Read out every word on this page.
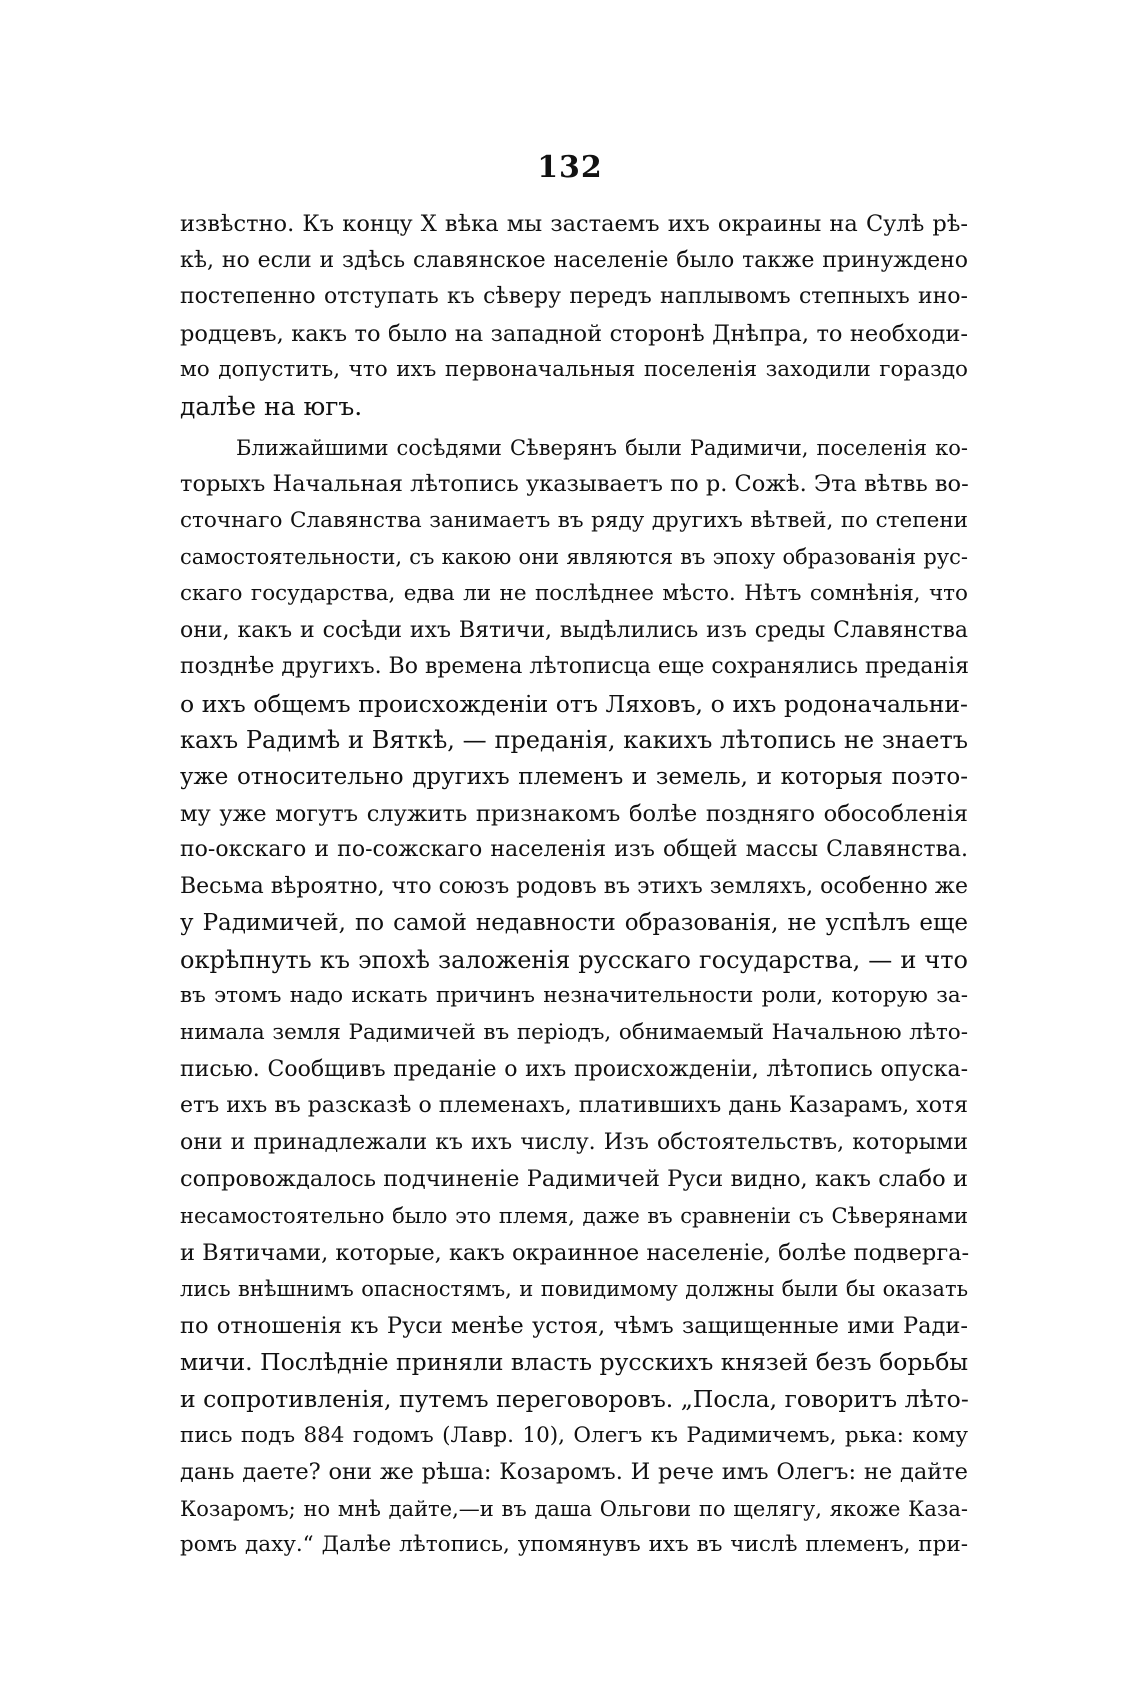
132
извѣстно. Къ концу X вѣка мы застаемъ ихъ окраины на Сулѣ рѣ-
кѣ, но если и здѣсь славянское населеніе было также принуждено
постепенно отступать къ сѣверу передъ наплывомъ степныхъ ино-
родцевъ, какъ то было на западной сторонѣ Днѣпра, то необходи-
мо допустить, что ихъ первоначальныя поселенія заходили гораздо
далѣе на югъ.
Ближайшими сосѣдями Сѣверянъ были Радимичи, поселенія ко-
торыхъ Начальная лѣтопись указываетъ по р. Сожѣ. Эта вѣтвь во-
сточнаго Славянства занимаетъ въ ряду другихъ вѣтвей, по степени
самостоятельности, съ какою они являются въ эпоху образованія рус-
скаго государства, едва ли не послѣднее мѣсто. Нѣтъ сомнѣнія, что
они, какъ и сосѣди ихъ Вятичи, выдѣлились изъ среды Славянства
позднѣе другихъ. Во времена лѣтописца еще сохранялись преданія
о ихъ общемъ происхожденіи отъ Ляховъ, о ихъ родоначальни-
кахъ Радимѣ и Вяткѣ, — преданія, какихъ лѣтопись не знаетъ
уже относительно другихъ племенъ и земель, и которыя поэто-
му уже могутъ служить признакомъ болѣе поздняго обособленія
по-окскаго и по-сожскаго населенія изъ общей массы Славянства.
Весьма вѣроятно, что союзъ родовъ въ этихъ земляхъ, особенно же
у Радимичей, по самой недавности образованія, не успѣлъ еще
окрѣпнуть къ эпохѣ заложенія русскаго государства, — и что
въ этомъ надо искать причинъ незначительности роли, которую за-
нимала земля Радимичей въ періодъ, обнимаемый Начальною лѣто-
писью. Сообщивъ преданіе о ихъ происхожденіи, лѣтопись опуска-
етъ ихъ въ разсказѣ о племенахъ, платившихъ дань Казарамъ, хотя
они и принадлежали къ ихъ числу. Изъ обстоятельствъ, которыми
сопровождалось подчиненіе Радимичей Руси видно, какъ слабо и
несамостоятельно было это племя, даже въ сравненіи съ Сѣверянами
и Вятичами, которые, какъ окраинное населеніе, болѣе подверга-
лись внѣшнимъ опасностямъ, и повидимому должны были бы оказать
по отношенія къ Руси менѣе устоя, чѣмъ защищенные ими Ради-
мичи. Послѣдніе приняли власть русскихъ князей безъ борьбы
и сопротивленія, путемъ переговоровъ. „Посла, говоритъ лѣто-
пись подъ 884 годомъ (Лавр. 10), Олегъ къ Радимичемъ, рька: кому
дань даете? они же рѣша: Козаромъ. И рече имъ Олегъ: не дайте
Козаромъ; но мнѣ дайте,—и въ даша Ольгови по щелягу, якоже Каза-
ромъ даху.“ Далѣе лѣтопись, упомянувъ ихъ въ числѣ племенъ, при-
